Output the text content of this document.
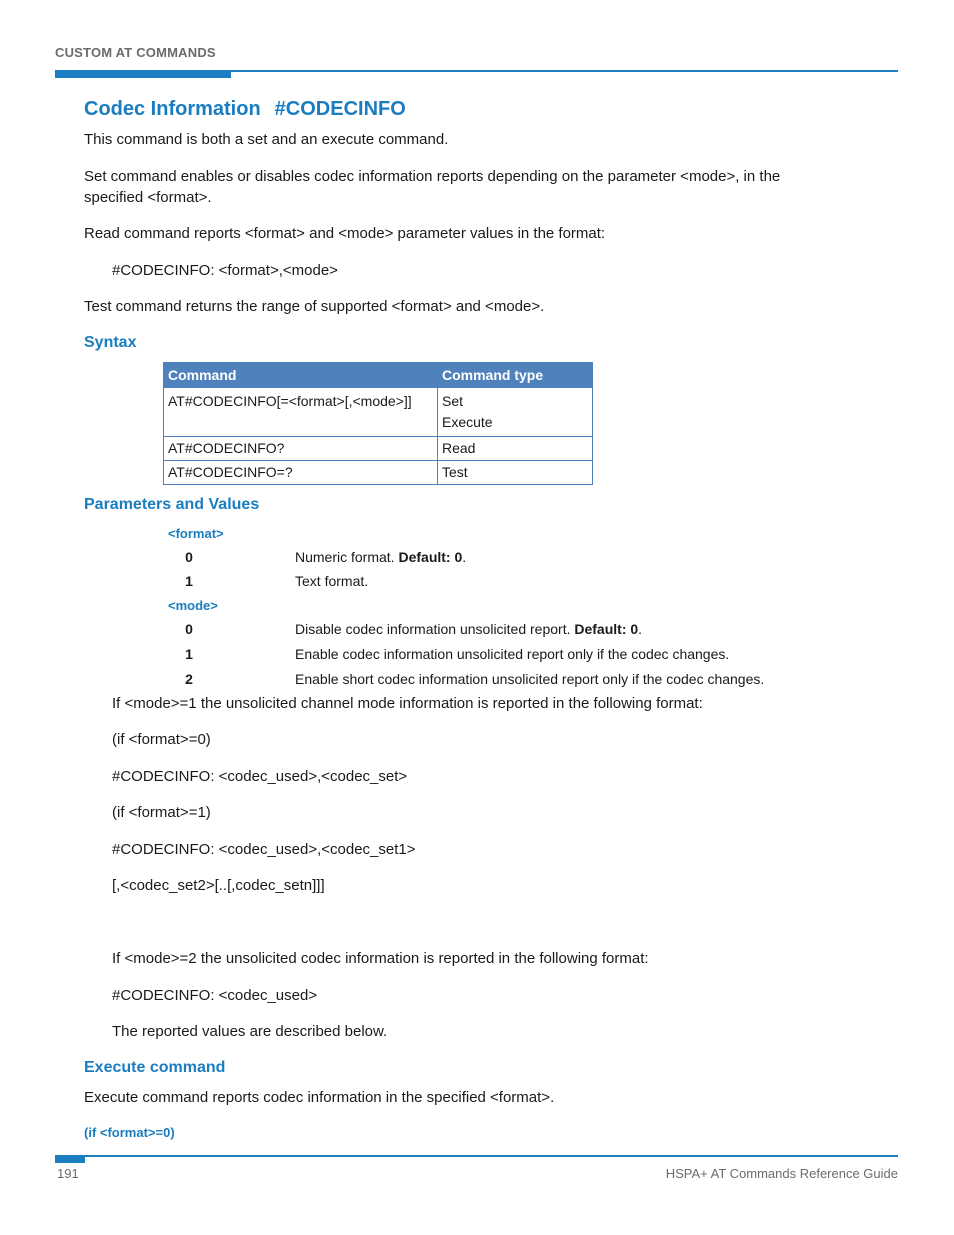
CUSTOM AT COMMANDS
Codec Information #CODECINFO
This command is both a set and an execute command.
Set command enables or disables codec information reports depending on the parameter <mode>, in the
specified <format>.
Read command reports <format> and <mode> parameter values in the format:
#CODECINFO: <format>,<mode>
Test command returns the range of supported <format> and <mode>.
Syntax
Command	Command type
AT#CODECINFO[=<format>[,<mode>]]	Set
Execute

AT#CODECINFO?	Read
AT#CODECINFO=?	Test
Parameters and Values
<format>
0	Numeric format. Default: 0.
1	Text format.
<mode>
0	Disable codec information unsolicited report. Default: 0.
1	Enable codec information unsolicited report only if the codec changes.
2	Enable short codec information unsolicited report only if the codec changes.
If <mode>=1 the unsolicited channel mode information is reported in the following format:
(if <format>=0)
#CODECINFO: <codec_used>,<codec_set>
(if <format>=1)
#CODECINFO: <codec_used>,<codec_set1>
[,<codec_set2>[..[,codec_setn]]]
If <mode>=2 the unsolicited codec information is reported in the following format:
#CODECINFO: <codec_used>
The reported values are described below.
Execute command
Execute command reports codec information in the specified <format>.
(if <format>=0)
191	HSPA+ AT Commands Reference Guide
